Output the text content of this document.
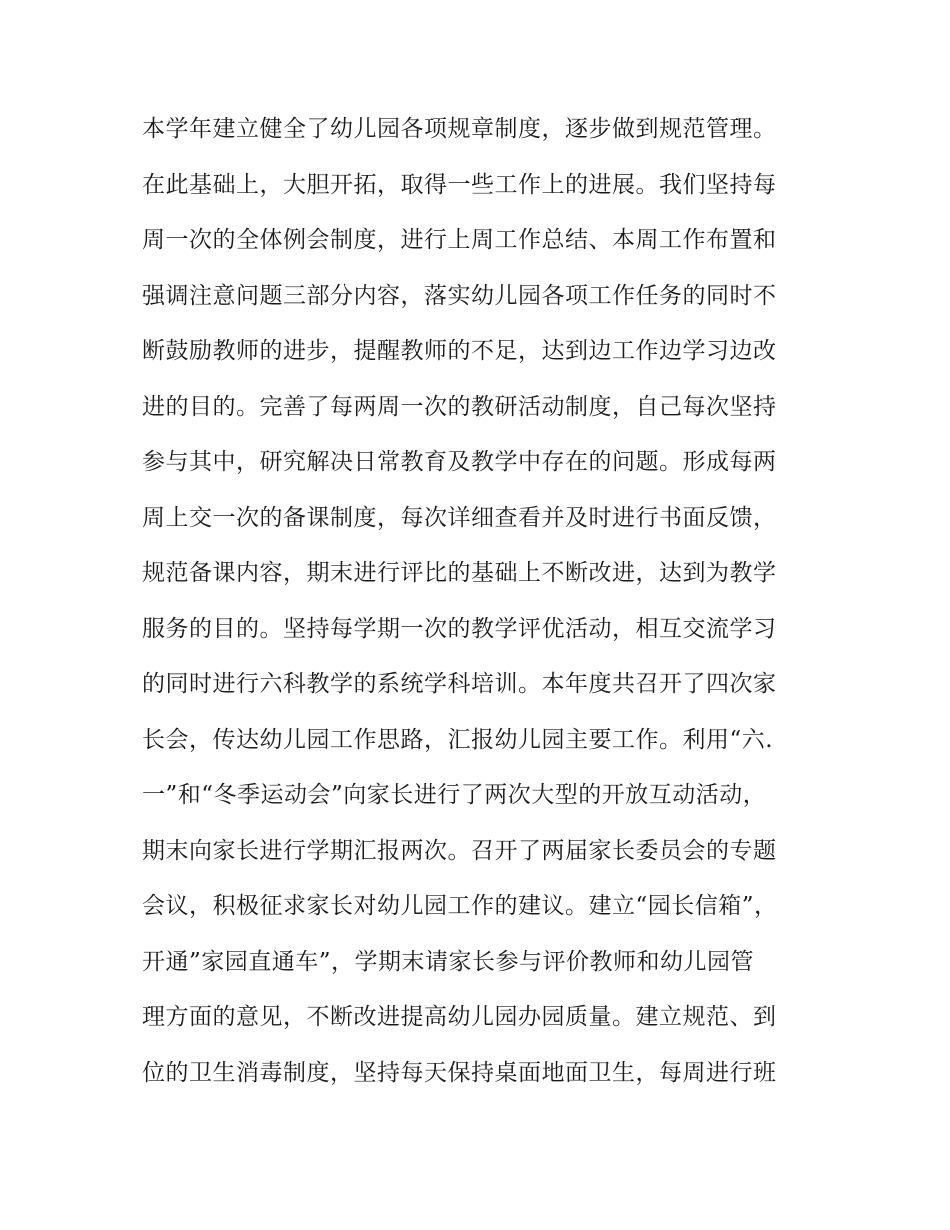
本学年建立健全了幼儿园各项规章制度，逐步做到规范管理。
在此基础上，大胆开拓，取得一些工作上的进展。我们坚持每
周一次的全体例会制度，进行上周工作总结、本周工作布置和
强调注意问题三部分内容，落实幼儿园各项工作任务的同时不
断鼓励教师的进步，提醒教师的不足，达到边工作边学习边改
进的目的。完善了每两周一次的教研活动制度，自己每次坚持
参与其中，研究解决日常教育及教学中存在的问题。形成每两
周上交一次的备课制度，每次详细查看并及时进行书面反馈，
规范备课内容，期末进行评比的基础上不断改进，达到为教学
服务的目的。坚持每学期一次的教学评优活动，相互交流学习
的同时进行六科教学的系统学科培训。本年度共召开了四次家
长会，传达幼儿园工作思路，汇报幼儿园主要工作。利用“六.
一”和“冬季运动会”向家长进行了两次大型的开放互动活动，
期末向家长进行学期汇报两次。召开了两届家长委员会的专题
会议，积极征求家长对幼儿园工作的建议。建立“园长信箱”，
开通”家园直通车”，学期末请家长参与评价教师和幼儿园管
理方面的意见，不断改进提高幼儿园办园质量。建立规范、到
位的卫生消毒制度，坚持每天保持桌面地面卫生，每周进行班
